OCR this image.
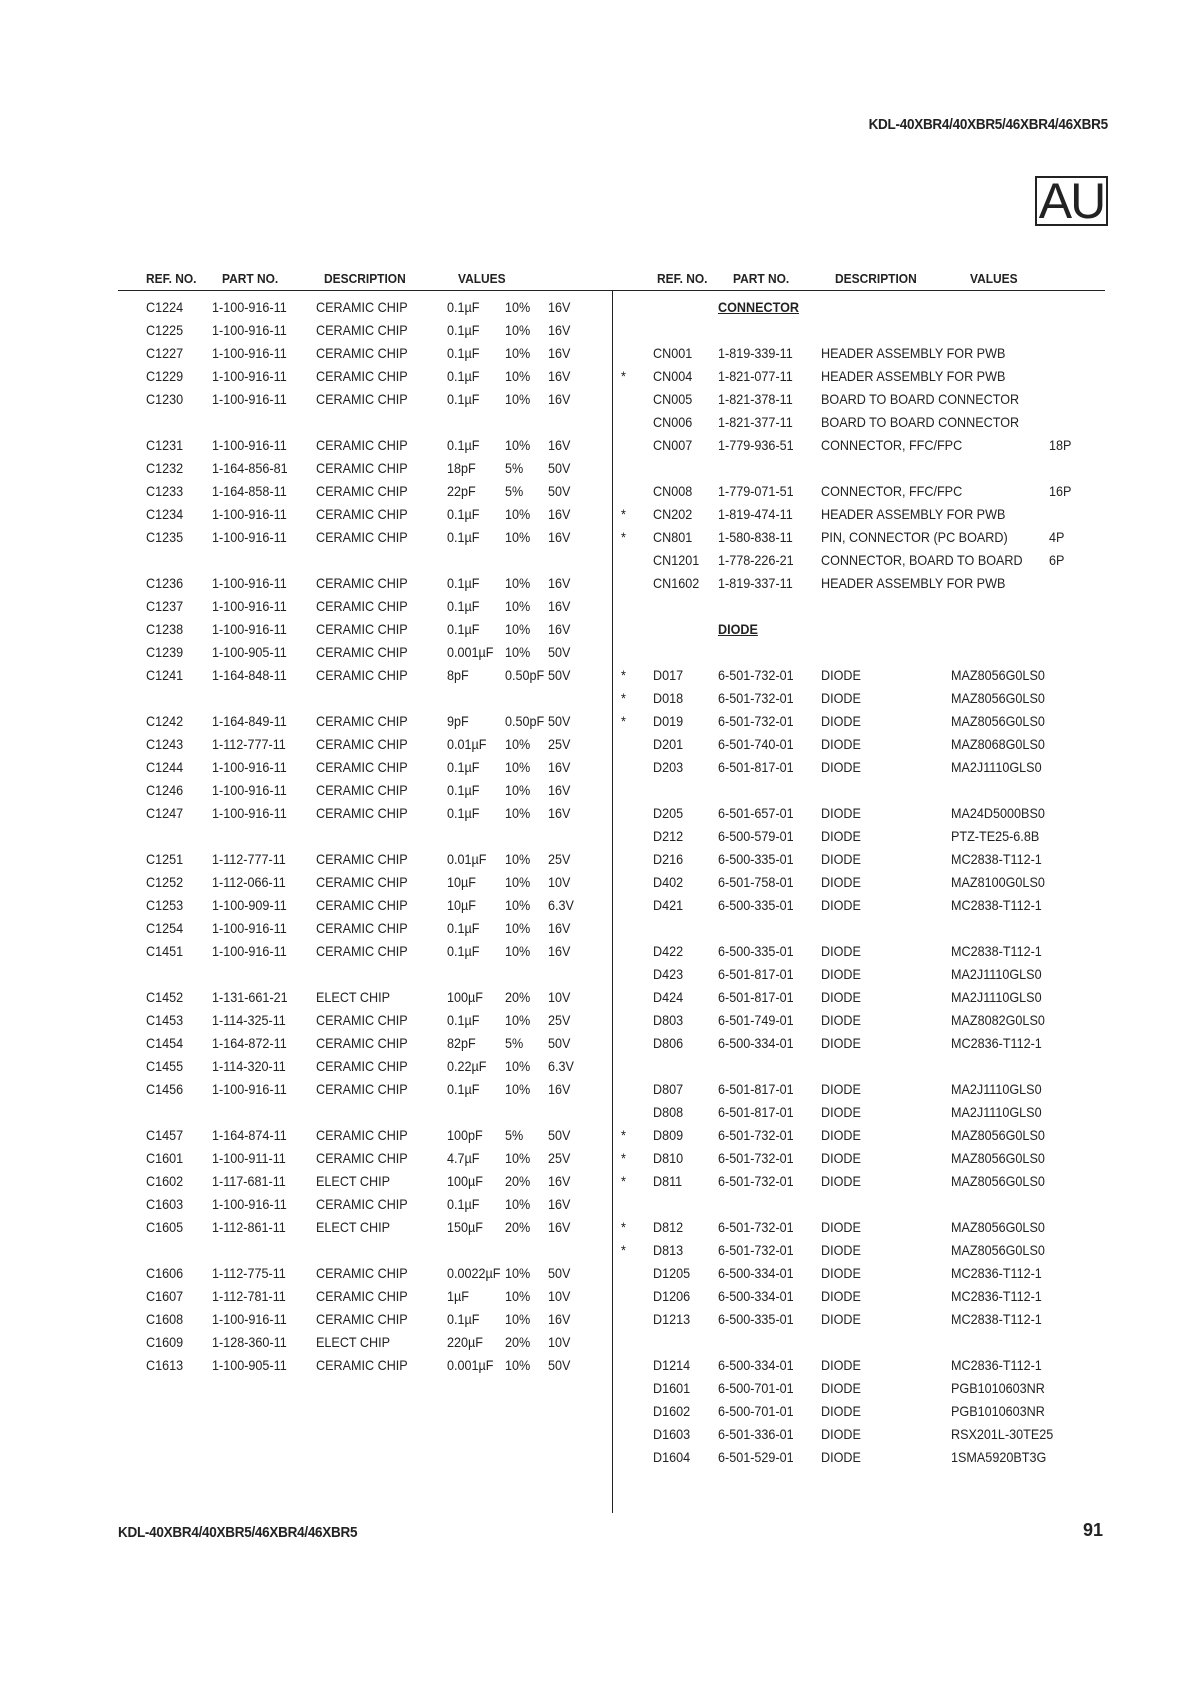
KDL-40XBR4/40XBR5/46XBR4/46XBR5
AU
REF. NO. PART NO.	DESCRIPTION	VALUES	REF. NO. PART NO.	DESCRIPTION	VALUES
C1224 1-100-916-11 CERAMIC CHIP	0.1µF 10% 16V
C1225 1-100-916-11 CERAMIC CHIP	0.1µF 10% 16V
C1227 1-100-916-11 CERAMIC CHIP	0.1µF 10% 16V
C1229 1-100-916-11 CERAMIC CHIP	0.1µF 10% 16V
C1230 1-100-916-11 CERAMIC CHIP	0.1µF 10% 16V
C1231 1-100-916-11 CERAMIC CHIP	0.1µF 10% 16V
C1232 1-164-856-81 CERAMIC CHIP	18pF 5% 50V
C1233 1-164-858-11 CERAMIC CHIP	22pF 5% 50V
C1234 1-100-916-11 CERAMIC CHIP	0.1µF 10% 16V
C1235 1-100-916-11 CERAMIC CHIP	0.1µF 10% 16V
C1236 1-100-916-11 CERAMIC CHIP	0.1µF 10% 16V
C1237 1-100-916-11 CERAMIC CHIP	0.1µF 10% 16V
C1238 1-100-916-11 CERAMIC CHIP	0.1µF 10% 16V
C1239 1-100-905-11 CERAMIC CHIP	0.001µF 10% 50V
C1241 1-164-848-11 CERAMIC CHIP	8pF	0.50pF 50V
C1242 1-164-849-11 CERAMIC CHIP	9pF	0.50pF 50V
C1243 1-112-777-11 CERAMIC CHIP	0.01µF 10% 25V
C1244 1-100-916-11 CERAMIC CHIP	0.1µF 10% 16V
C1246 1-100-916-11 CERAMIC CHIP	0.1µF 10% 16V
C1247 1-100-916-11 CERAMIC CHIP	0.1µF 10% 16V
C1251 1-112-777-11 CERAMIC CHIP	0.01µF 10% 25V
C1252 1-112-066-11 CERAMIC CHIP	10µF 10% 10V
C1253 1-100-909-11 CERAMIC CHIP	10µF 10% 6.3V
C1254 1-100-916-11 CERAMIC CHIP	0.1µF 10% 16V
C1451 1-100-916-11 CERAMIC CHIP	0.1µF 10% 16V
C1452 1-131-661-21 ELECT CHIP	100µF 20% 10V
C1453 1-114-325-11 CERAMIC CHIP	0.1µF 10% 25V
C1454 1-164-872-11 CERAMIC CHIP	82pF 5% 50V
C1455 1-114-320-11 CERAMIC CHIP	0.22µF 10% 6.3V
C1456 1-100-916-11 CERAMIC CHIP	0.1µF 10% 16V
C1457 1-164-874-11 CERAMIC CHIP	100pF 5% 50V
C1601 1-100-911-11 CERAMIC CHIP	4.7µF 10% 25V
C1602 1-117-681-11 ELECT CHIP	100µF 20% 16V
C1603 1-100-916-11 CERAMIC CHIP	0.1µF 10% 16V
C1605 1-112-861-11 ELECT CHIP	150µF 20% 16V
C1606 1-112-775-11 CERAMIC CHIP	0.0022µF 10% 50V
C1607 1-112-781-11 CERAMIC CHIP	1µF	10% 10V
C1608 1-100-916-11 CERAMIC CHIP	0.1µF 10% 16V
C1609 1-128-360-11 ELECT CHIP	220µF 20% 10V
C1613 1-100-905-11 CERAMIC CHIP	0.001µF 10% 50V
CONNECTOR
CN001 1-819-339-11 HEADER ASSEMBLY FOR PWB
* CN004 1-821-077-11 HEADER ASSEMBLY FOR PWB
CN005 1-821-378-11 BOARD TO BOARD CONNECTOR
CN006 1-821-377-11 BOARD TO BOARD CONNECTOR
CN007 1-779-936-51 CONNECTOR, FFC/FPC	18P
CN008 1-779-071-51 CONNECTOR, FFC/FPC	16P
* CN202 1-819-474-11 HEADER ASSEMBLY FOR PWB
* CN801 1-580-838-11 PIN, CONNECTOR (PC BOARD)	4P
CN1201 1-778-226-21 CONNECTOR, BOARD TO BOARD 6P
CN1602 1-819-337-11 HEADER ASSEMBLY FOR PWB
DIODE
* D017 6-501-732-01 DIODE	MAZ8056G0LS0
* D018 6-501-732-01 DIODE	MAZ8056G0LS0
* D019 6-501-732-01 DIODE	MAZ8056G0LS0
D201 6-501-740-01 DIODE	MAZ8068G0LS0
D203 6-501-817-01 DIODE	MA2J1110GLS0
D205 6-501-657-01 DIODE	MA24D5000BS0
D212 6-500-579-01 DIODE	PTZ-TE25-6.8B
D216 6-500-335-01 DIODE	MC2838-T112-1
D402 6-501-758-01 DIODE	MAZ8100G0LS0
D421 6-500-335-01 DIODE	MC2838-T112-1
D422 6-500-335-01 DIODE	MC2838-T112-1
D423 6-501-817-01 DIODE	MA2J1110GLS0
D424 6-501-817-01 DIODE	MA2J1110GLS0
D803 6-501-749-01 DIODE	MAZ8082G0LS0
D806 6-500-334-01 DIODE	MC2836-T112-1
D807 6-501-817-01 DIODE	MA2J1110GLS0
D808 6-501-817-01 DIODE	MA2J1110GLS0
* D809 6-501-732-01 DIODE	MAZ8056G0LS0
* D810 6-501-732-01 DIODE	MAZ8056G0LS0
* D811	6-501-732-01 DIODE	MAZ8056G0LS0
* D812 6-501-732-01 DIODE	MAZ8056G0LS0
* D813 6-501-732-01 DIODE	MAZ8056G0LS0
D1205 6-500-334-01 DIODE	MC2836-T112-1
D1206 6-500-334-01 DIODE	MC2836-T112-1
D1213 6-500-335-01 DIODE	MC2838-T112-1
D1214 6-500-334-01 DIODE	MC2836-T112-1
D1601 6-500-701-01 DIODE	PGB1010603NR
D1602 6-500-701-01 DIODE	PGB1010603NR
D1603 6-501-336-01 DIODE	RSX201L-30TE25
D1604 6-501-529-01 DIODE	1SMA5920BT3G
KDL-40XBR4/40XBR5/46XBR4/46XBR5	91
